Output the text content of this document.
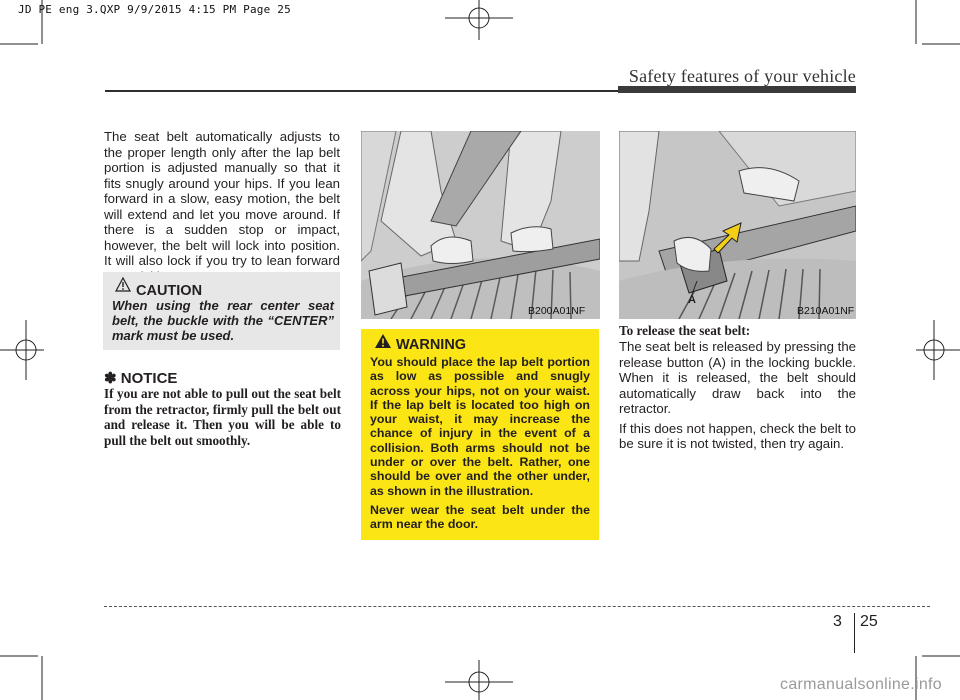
JD PE eng 3.QXP 9/9/2015 4:15 PM Page 25
Safety features of your vehicle
The seat belt automatically adjusts to the proper length only after the lap belt portion is adjusted manually so that it fits snugly around your hips. If you lean forward in a slow, easy motion, the belt will extend and let you move around. If there is a sudden stop or impact, however, the belt will lock into position. It will also lock if you try to lean forward
CAUTION
When using the rear center seat belt, the buckle with the “CENTER” mark must be used.
✽ NOTICE
If you are not able to pull out the seat belt from the retractor, firmly pull the belt out and release it. Then you will be able to pull the belt out smoothly.
B200A01NF
A
B210A01NF
WARNING

You should place the lap belt portion as low as possible and snugly across your hips, not on your waist. If the lap belt is located too high on your waist, it may increase the chance of injury in the event of a collision. Both arms should not be under or over the belt. Rather, one should be over and the other under, as shown in the illustration.

Never wear the seat belt under the arm near the door.

To release the seat belt:

The seat belt is released by pressing the release button (A) in the locking buckle. When it is released, the belt should automatically draw back into the retractor.

If this does not happen, check the belt to be sure it is not twisted, then try again.

3 25
carmanualsonline.info
